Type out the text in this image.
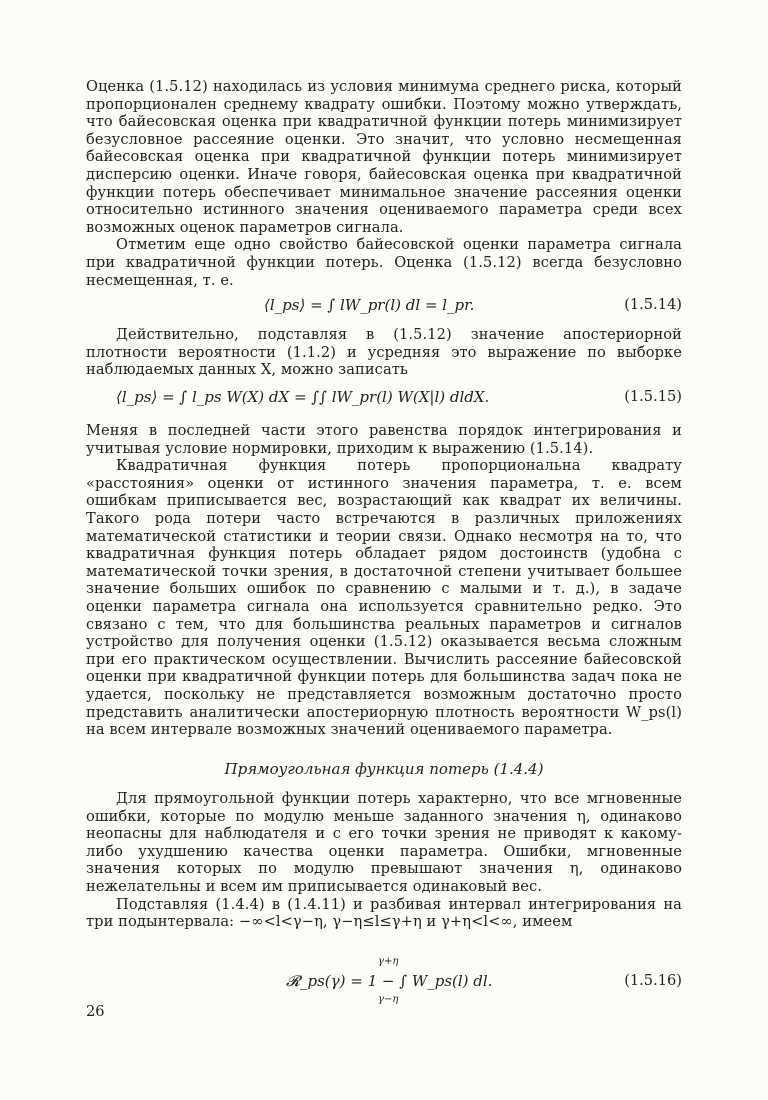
Оценка (1.5.12) находилась из условия минимума среднего риска, который пропорционален среднему квадрату ошибки. Поэтому можно утверждать, что байесовская оценка при квадратичной функции потерь минимизирует безусловное рассеяние оценки. Это значит, что условно несмещенная байесовская оценка при квадратичной функции потерь минимизирует дисперсию оценки. Иначе говоря, байесовская оценка при квадратичной функции потерь обеспечивает минимальное значение рассеяния оценки относительно истинного значения оцениваемого параметра среди всех возможных оценок параметров сигнала.

Отметим еще одно свойство байесовской оценки параметра сигнала при квадратичной функции потерь. Оценка (1.5.12) всегда безусловно несмещенная, т. е.

⟨l_ps⟩ = ∫ lW_pr(l) dl = l_pr.	(1.5.14)

Действительно, подставляя в (1.5.12) значение апостериорной плотности вероятности (1.1.2) и усредняя это выражение по выборке наблюдаемых данных X, можно записать

⟨l_ps⟩ = ∫ l_ps W(X) dX = ∫∫ lW_pr(l) W(X|l) dldX.	(1.5.15)

Меняя в последней части этого равенства порядок интегрирования и учитывая условие нормировки, приходим к выражению (1.5.14).

Квадратичная функция потерь пропорциональна квадрату «расстояния» оценки от истинного значения параметра, т. е. всем ошибкам приписывается вес, возрастающий как квадрат их величины. Такого рода потери часто встречаются в различных приложениях математической статистики и теории связи. Однако несмотря на то, что квадратичная функция потерь обладает рядом достоинств (удобна с математической точки зрения, в достаточной степени учитывает большее значение больших ошибок по сравнению с малыми и т. д.), в задаче оценки параметра сигнала она используется сравнительно редко. Это связано с тем, что для большинства реальных параметров и сигналов устройство для получения оценки (1.5.12) оказывается весьма сложным при его практическом осуществлении. Вычислить рассеяние байесовской оценки при квадратичной функции потерь для большинства задач пока не удается, поскольку не представляется возможным достаточно просто представить аналитически апостериорную плотность вероятности W_ps(l) на всем интервале возможных значений оцениваемого параметра.

Прямоугольная функция потерь (1.4.4)

Для прямоугольной функции потерь характерно, что все мгновенные ошибки, которые по модулю меньше заданного значения η, одинаково неопасны для наблюдателя и с его точки зрения не приводят к какому-либо ухудшению качества оценки параметра. Ошибки, мгновенные значения которых по модулю превышают значения η, одинаково нежелательны и всем им приписывается одинаковый вес.

Подставляя (1.4.4) в (1.4.11) и разбивая интервал интегрирования на три подынтервала: −∞<l<γ−η, γ−η≤l≤γ+η и γ+η<l<∞, имеем

𝓡_ps(γ) = 1 − ∫ W_ps(l) dl.
γ+η
γ−η
(1.5.16)
26
